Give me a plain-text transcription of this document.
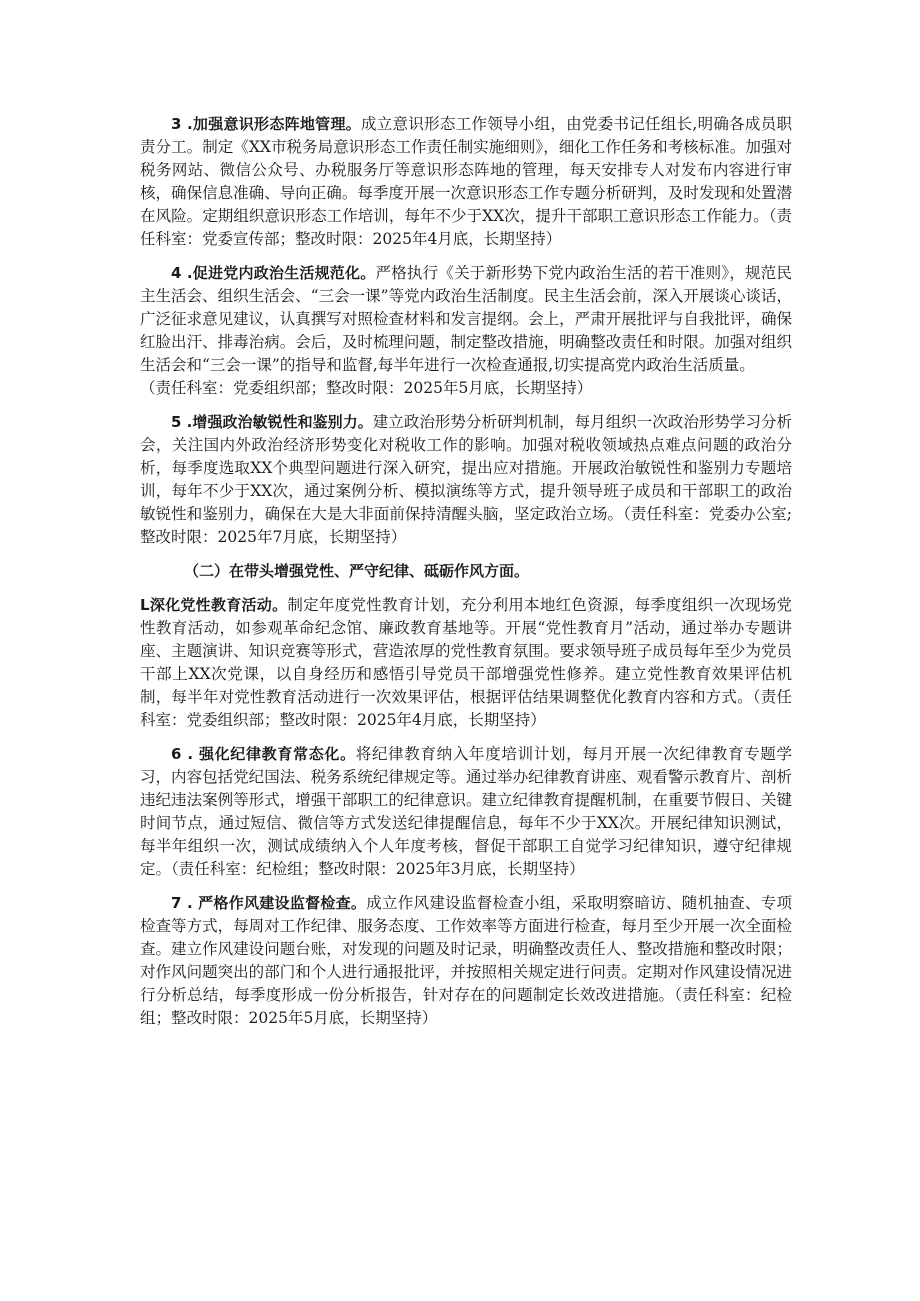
3 .加强意识形态阵地管理。成立意识形态工作领导小组，由党委书记任组长,明确各成员职责分工。制定《XX市税务局意识形态工作责任制实施细则》，细化工作任务和考核标准。加强对税务网站、微信公众号、办税服务厅等意识形态阵地的管理，每天安排专人对发布内容进行审核，确保信息准确、导向正确。每季度开展一次意识形态工作专题分析研判，及时发现和处置潜在风险。定期组织意识形态工作培训，每年不少于XX次，提升干部职工意识形态工作能力。（责任科室：党委宣传部；整改时限：2025年4月底，长期坚持）

4 .促进党内政治生活规范化。严格执行《关于新形势下党内政治生活的若干准则》，规范民主生活会、组织生活会、“三会一课”等党内政治生活制度。民主生活会前，深入开展谈心谈话，广泛征求意见建议，认真撰写对照检查材料和发言提纲。会上，严肃开展批评与自我批评，确保红脸出汗、排毒治病。会后，及时梳理问题，制定整改措施，明确整改责任和时限。加强对组织生活会和“三会一课”的指导和监督,每半年进行一次检查通报,切实提高党内政治生活质量。

（责任科室：党委组织部；整改时限：2025年5月底，长期坚持）

5 .增强政治敏锐性和鉴别力。建立政治形势分析研判机制，每月组织一次政治形势学习分析会，关注国内外政治经济形势变化对税收工作的影响。加强对税收领域热点难点问题的政治分析，每季度选取XX个典型问题进行深入研究，提出应对措施。开展政治敏锐性和鉴别力专题培训，每年不少于XX次，通过案例分析、模拟演练等方式，提升领导班子成员和干部职工的政治敏锐性和鉴别力，确保在大是大非面前保持清醒头脑，坚定政治立场。（责任科室：党委办公室;整改时限：2025年7月底，长期坚持）

（二）在带头增强党性、严守纪律、砥砺作风方面。

L深化党性教育活动。制定年度党性教育计划，充分利用本地红色资源，每季度组织一次现场党性教育活动，如参观革命纪念馆、廉政教育基地等。开展“党性教育月”活动，通过举办专题讲座、主题演讲、知识竞赛等形式，营造浓厚的党性教育氛围。要求领导班子成员每年至少为党员干部上XX次党课，以自身经历和感悟引导党员干部增强党性修养。建立党性教育效果评估机制，每半年对党性教育活动进行一次效果评估，根据评估结果调整优化教育内容和方式。（责任科室：党委组织部；整改时限：2025年4月底，长期坚持）

6 . 强化纪律教育常态化。将纪律教育纳入年度培训计划，每月开展一次纪律教育专题学习，内容包括党纪国法、税务系统纪律规定等。通过举办纪律教育讲座、观看警示教育片、剖析违纪违法案例等形式，增强干部职工的纪律意识。建立纪律教育提醒机制，在重要节假日、关键时间节点，通过短信、微信等方式发送纪律提醒信息，每年不少于XX次。开展纪律知识测试，每半年组织一次，测试成绩纳入个人年度考核，督促干部职工自觉学习纪律知识，遵守纪律规定。（责任科室：纪检组；整改时限：2025年3月底，长期坚持）

7 . 严格作风建设监督检查。成立作风建设监督检查小组，采取明察暗访、随机抽查、专项检查等方式，每周对工作纪律、服务态度、工作效率等方面进行检查，每月至少开展一次全面检查。建立作风建设问题台账，对发现的问题及时记录，明确整改责任人、整改措施和整改时限；对作风问题突出的部门和个人进行通报批评，并按照相关规定进行问责。定期对作风建设情况进行分析总结，每季度形成一份分析报告，针对存在的问题制定长效改进措施。（责任科室：纪检组；整改时限：2025年5月底，长期坚持）
